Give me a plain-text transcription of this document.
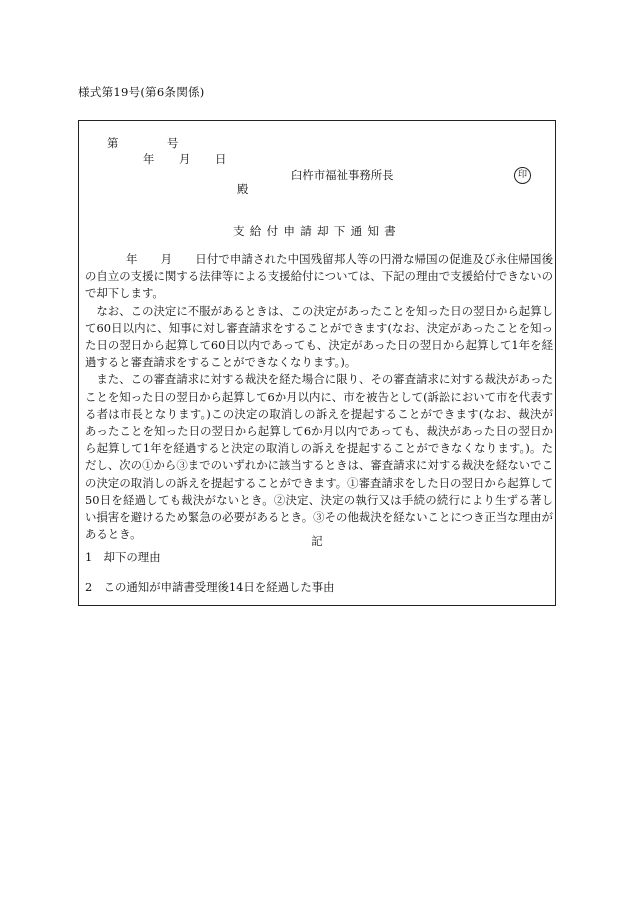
様式第19号(第6条関係)
第	号
年 月 日
臼杵市福祉事務所長	印
殿
支給付申請却下通知書

年　　月　　日付で申請された中国残留邦人等の円滑な帰国の促進及び永住帰国後の自立の支援に関する法律等による支援給付については、下記の理由で支援給付できないので却下します。

なお、この決定に不服があるときは、この決定があったことを知った日の翌日から起算して60日以内に、知事に対し審査請求をすることができます(なお、決定があったことを知った日の翌日から起算して60日以内であっても、決定があった日の翌日から起算して1年を経過すると審査請求をすることができなくなります。)。

また、この審査請求に対する裁決を経た場合に限り、その審査請求に対する裁決があったことを知った日の翌日から起算して6か月以内に、市を被告として(訴訟において市を代表する者は市長となります。)この決定の取消しの訴えを提起することができます(なお、裁決があったことを知った日の翌日から起算して6か月以内であっても、裁決があった日の翌日から起算して1年を経過すると決定の取消しの訴えを提起することができなくなります。)。ただし、次の①から③までのいずれかに該当するときは、審査請求に対する裁決を経ないでこの決定の取消しの訴えを提起することができます。①審査請求をした日の翌日から起算して50日を経過しても裁決がないとき。②決定、決定の執行又は手続の続行により生ずる著しい損害を避けるため緊急の必要があるとき。③その他裁決を経ないことにつき正当な理由があるとき。	記
1　却下の理由
2　この通知が申請書受理後14日を経過した事由
